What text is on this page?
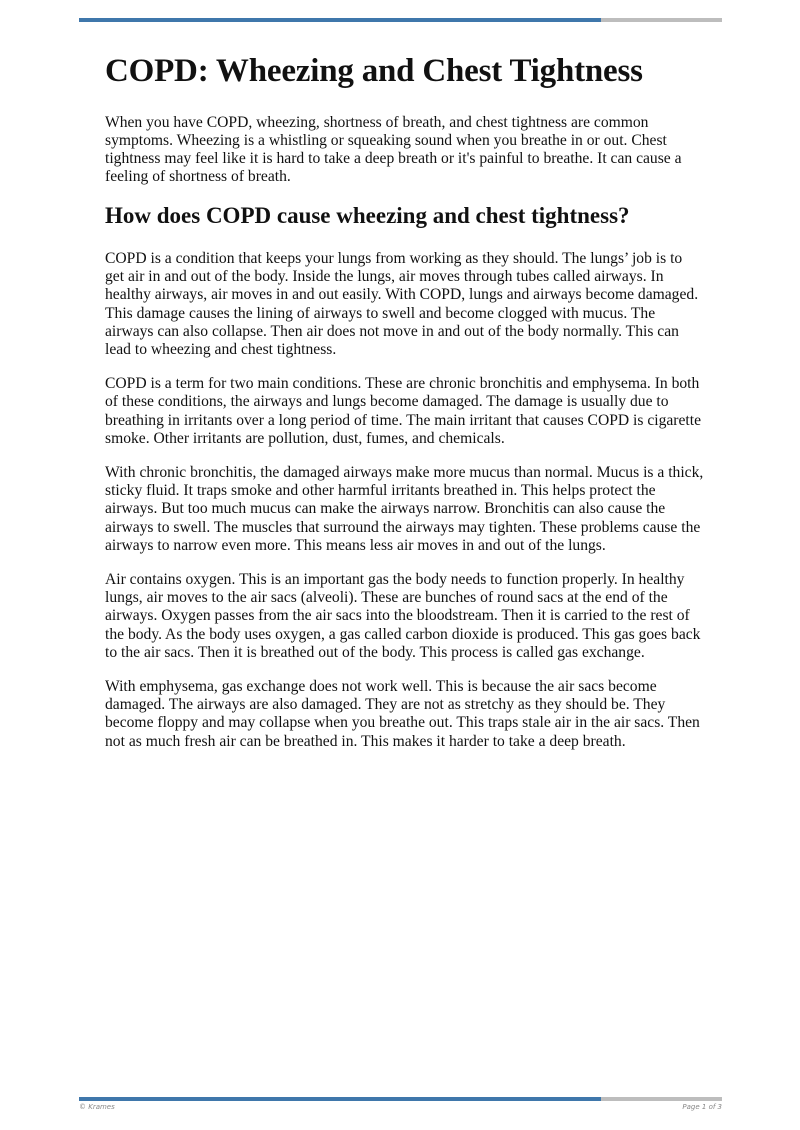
COPD: Wheezing and Chest Tightness

When you have COPD, wheezing, shortness of breath, and chest tightness are common symptoms. Wheezing is a whistling or squeaking sound when you breathe in or out. Chest tightness may feel like it is hard to take a deep breath or it's painful to breathe. It can cause a feeling of shortness of breath.

How does COPD cause wheezing and chest tightness?

COPD is a condition that keeps your lungs from working as they should. The lungs’ job is to get air in and out of the body. Inside the lungs, air moves through tubes called airways. In healthy airways, air moves in and out easily. With COPD, lungs and airways become damaged. This damage causes the lining of airways to swell and become clogged with mucus. The airways can also collapse. Then air does not move in and out of the body normally. This can lead to wheezing and chest tightness.

COPD is a term for two main conditions. These are chronic bronchitis and emphysema. In both of these conditions, the airways and lungs become damaged. The damage is usually due to breathing in irritants over a long period of time. The main irritant that causes COPD is cigarette smoke. Other irritants are pollution, dust, fumes, and chemicals.

With chronic bronchitis, the damaged airways make more mucus than normal. Mucus is a thick, sticky fluid. It traps smoke and other harmful irritants breathed in. This helps protect the airways. But too much mucus can make the airways narrow. Bronchitis can also cause the airways to swell. The muscles that surround the airways may tighten. These problems cause the airways to narrow even more. This means less air moves in and out of the lungs.

Air contains oxygen. This is an important gas the body needs to function properly. In healthy lungs, air moves to the air sacs (alveoli). These are bunches of round sacs at the end of the airways. Oxygen passes from the air sacs into the bloodstream. Then it is carried to the rest of the body. As the body uses oxygen, a gas called carbon dioxide is produced. This gas goes back to the air sacs. Then it is breathed out of the body. This process is called gas exchange.

With emphysema, gas exchange does not work well. This is because the air sacs become damaged. The airways are also damaged. They are not as stretchy as they should be. They become floppy and may collapse when you breathe out. This traps stale air in the air sacs. Then not as much fresh air can be breathed in. This makes it harder to take a deep breath.

© Krames	Page 1 of 3
